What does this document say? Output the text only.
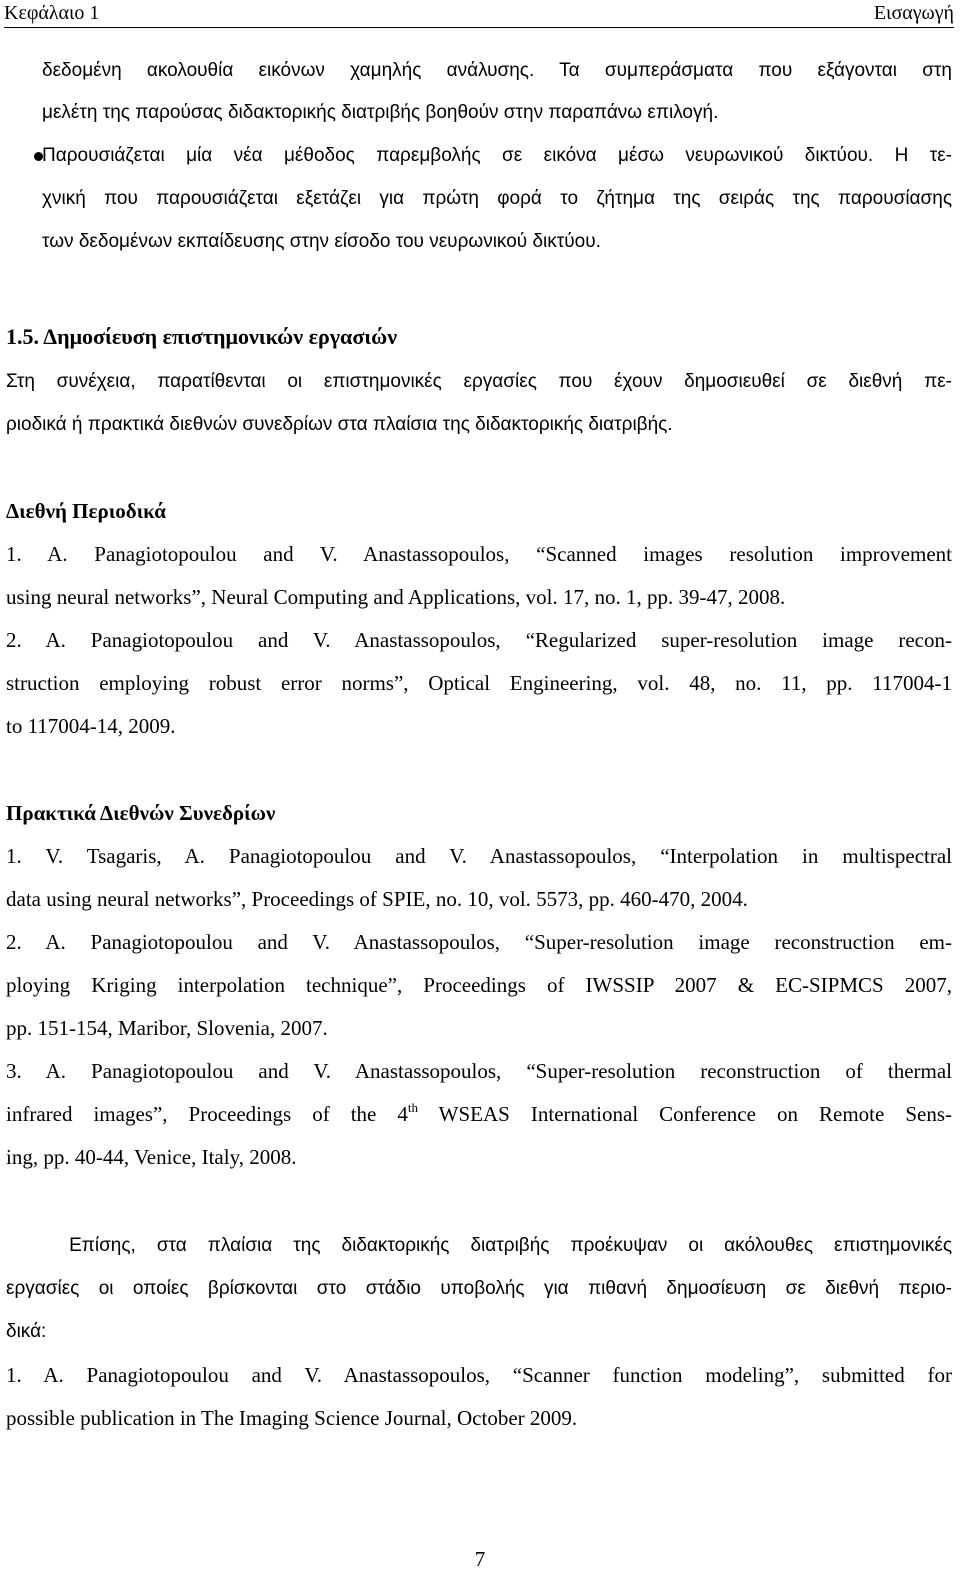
Κεφάλαιο 1	Εισαγωγή
δεδομένη ακολουθία εικόνων χαμηλής ανάλυσης. Τα συμπεράσματα που εξάγονται στη
μελέτη της παρούσας διδακτορικής διατριβής βοηθούν στην παραπάνω επιλογή.
Παρουσιάζεται μία νέα μέθοδος παρεμβολής σε εικόνα μέσω νευρωνικού δικτύου. Η τε-
χνική που παρουσιάζεται εξετάζει για πρώτη φορά το ζήτημα της σειράς της παρουσίασης
των δεδομένων εκπαίδευσης στην είσοδο του νευρωνικού δικτύου.
1.5. Δημοσίευση επιστημονικών εργασιών
Στη συνέχεια, παρατίθενται οι επιστημονικές εργασίες που έχουν δημοσιευθεί σε διεθνή πε-
ριοδικά ή πρακτικά διεθνών συνεδρίων στα πλαίσια της διδακτορικής διατριβής.
Διεθνή Περιοδικά
1. A. Panagiotopoulou and V. Anastassopoulos, “Scanned images resolution improvement
using neural networks”, Neural Computing and Applications, vol. 17, no. 1, pp. 39-47, 2008.
2. A. Panagiotopoulou and V. Anastassopoulos, “Regularized super-resolution image recon-
struction employing robust error norms”, Optical Engineering, vol. 48, no. 11, pp. 117004-1
to 117004-14, 2009.
Πρακτικά Διεθνών Συνεδρίων
1. V. Tsagaris, A. Panagiotopoulou and V. Anastassopoulos, “Interpolation in multispectral
data using neural networks”, Proceedings of SPIE, no. 10, vol. 5573, pp. 460-470, 2004.
2. A. Panagiotopoulou and V. Anastassopoulos, “Super-resolution image reconstruction em-
ploying Kriging interpolation technique”, Proceedings of IWSSIP 2007 & EC-SIPMCS 2007,
pp. 151-154, Maribor, Slovenia, 2007.
3. A. Panagiotopoulou and V. Anastassopoulos, “Super-resolution reconstruction of thermal
infrared images”, Proceedings of the 4th WSEAS International Conference on Remote Sens-
ing, pp. 40-44, Venice, Italy, 2008.
Επίσης, στα πλαίσια της διδακτορικής διατριβής προέκυψαν οι ακόλουθες επιστημονικές
εργασίες οι οποίες βρίσκονται στο στάδιο υποβολής για πιθανή δημοσίευση σε διεθνή περιο-
δικά:
1. A. Panagiotopoulou and V. Anastassopoulos, “Scanner function modeling”, submitted for
possible publication in The Imaging Science Journal, October 2009.
7
